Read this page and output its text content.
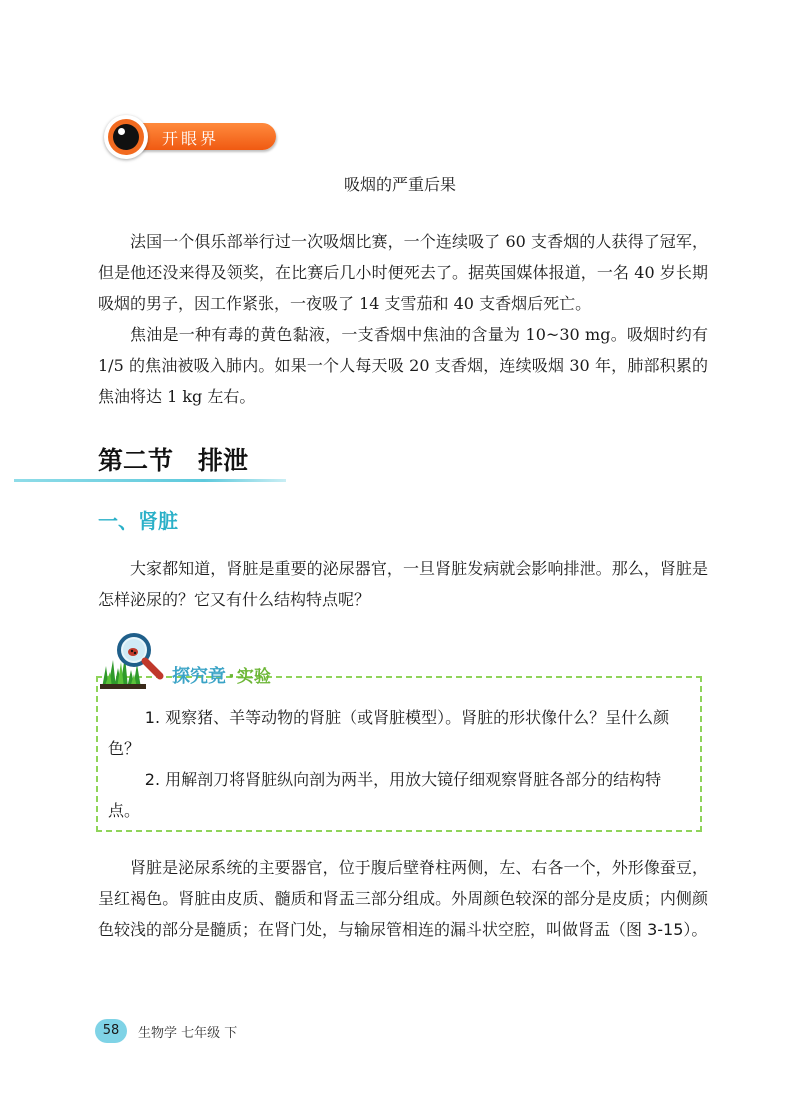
开眼界
吸烟的严重后果

法国一个俱乐部举行过一次吸烟比赛，一个连续吸了 60 支香烟的人获得了冠军，但是他还没来得及领奖，在比赛后几小时便死去了。据英国媒体报道，一名 40 岁长期吸烟的男子，因工作紧张，一夜吸了 14 支雪茄和 40 支香烟后死亡。

焦油是一种有毒的黄色黏液，一支香烟中焦油的含量为 10~30 mg。吸烟时约有 1/5 的焦油被吸入肺内。如果一个人每天吸 20 支香烟，连续吸烟 30 年，肺部积累的焦油将达 1 kg 左右。

第二节　排泄
一、肾脏

大家都知道，肾脏是重要的泌尿器官，一旦肾脏发病就会影响排泄。那么，肾脏是怎样泌尿的？它又有什么结构特点呢？

探究竟 · 实验

1. 观察猪、羊等动物的肾脏（或肾脏模型）。肾脏的形状像什么？呈什么颜色？

2. 用解剖刀将肾脏纵向剖为两半，用放大镜仔细观察肾脏各部分的结构特点。

肾脏是泌尿系统的主要器官，位于腹后壁脊柱两侧，左、右各一个，外形像蚕豆，呈红褐色。肾脏由皮质、髓质和肾盂三部分组成。外周颜色较深的部分是皮质；内侧颜色较浅的部分是髓质；在肾门处，与输尿管相连的漏斗状空腔，叫做肾盂（图 3-15）。

58	生物学 七年级 下
